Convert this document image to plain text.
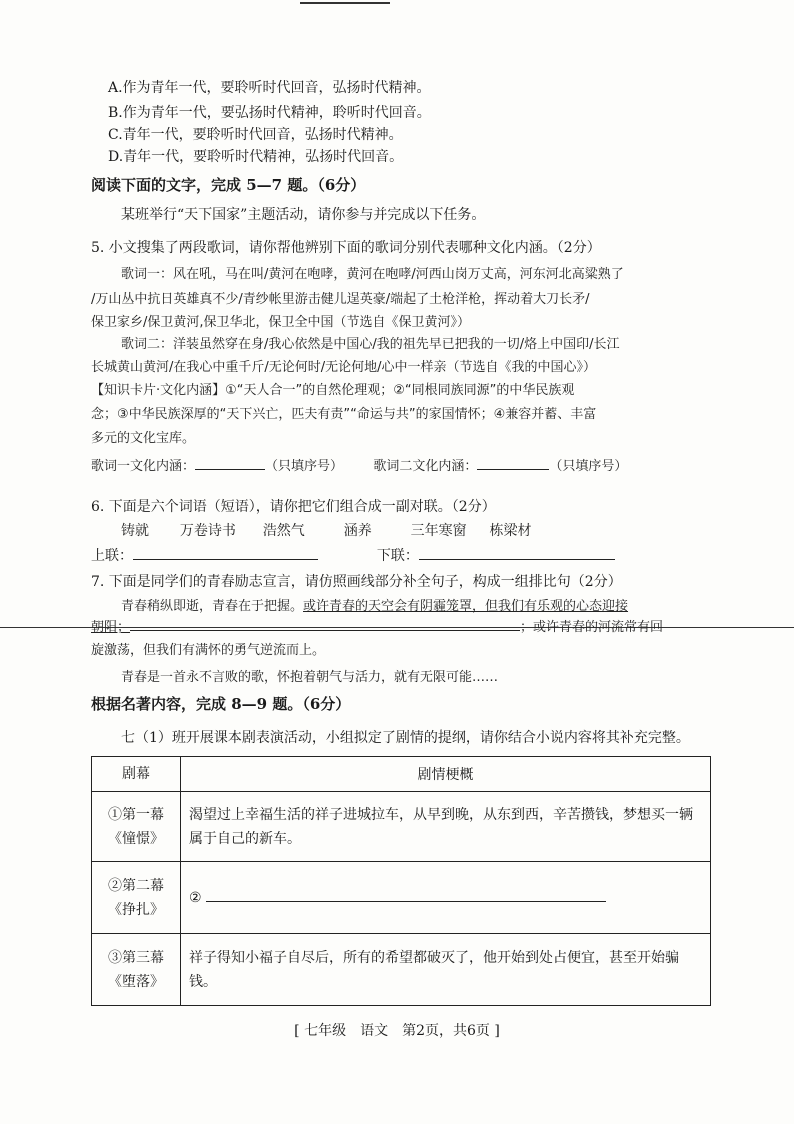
A.作为青年一代，要聆听时代回音，弘扬时代精神。
B.作为青年一代，要弘扬时代精神，聆听时代回音。
C.青年一代，要聆听时代回音，弘扬时代精神。
D.青年一代，要聆听时代精神，弘扬时代回音。
阅读下面的文字，完成 5—7 题。（6分）
某班举行“天下国家”主题活动，请你参与并完成以下任务。
5. 小文搜集了两段歌词，请你帮他辨别下面的歌词分别代表哪种文化内涵。（2分）
歌词一：风在吼，马在叫/黄河在咆哮，黄河在咆哮/河西山岗万丈高，河东河北高粱熟了
/万山丛中抗日英雄真不少/青纱帐里游击健儿逞英豪/端起了土枪洋枪，挥动着大刀长矛/
保卫家乡/保卫黄河,保卫华北，保卫全中国（节选自《保卫黄河》）
歌词二：洋装虽然穿在身/我心依然是中国心/我的祖先早已把我的一切/烙上中国印/长江
长城黄山黄河/在我心中重千斤/无论何时/无论何地/心中一样亲（节选自《我的中国心》）
【知识卡片·文化内涵】①“天人合一”的自然伦理观；②“同根同族同源”的中华民族观
念；③中华民族深厚的“天下兴亡，匹夫有责”“命运与共”的家国情怀；④兼容并蓄、丰富
多元的文化宝库。
歌词一文化内涵：	（只填序号） 歌词二文化内涵：	（只填序号）
6. 下面是六个词语（短语），请你把它们组合成一副对联。（2分）
铸就 万卷诗书 浩然气	涵养	三年寒窗 栋梁材
上联：	下联：
7. 下面是同学们的青春励志宣言，请仿照画线部分补全句子，构成一组排比句（2分）
青春稍纵即逝，青春在于把握。或许青春的天空会有阴霾笼罩，但我们有乐观的心态迎接
朝阳；	；或许青春的河流常有回
旋激荡，但我们有满怀的勇气逆流而上。
青春是一首永不言败的歌，怀抱着朝气与活力，就有无限可能……
根据名著内容，完成 8—9 题。（6分）
七（1）班开展课本剧表演活动，小组拟定了剧情的提纲，请你结合小说内容将其补充完整。
剧幕	剧情梗概

①第一幕
《憧憬》	渴望过上幸福生活的祥子进城拉车，从早到晚，从东到西，辛苦攒钱，梦想买一辆属于自己的新车。

②第二幕
《挣扎》	②

③第三幕
《堕落》	祥子得知小福子自尽后，所有的希望都破灭了，他开始到处占便宜，甚至开始骗钱。
[ 七年级　语文　第2页，共6页 ]
